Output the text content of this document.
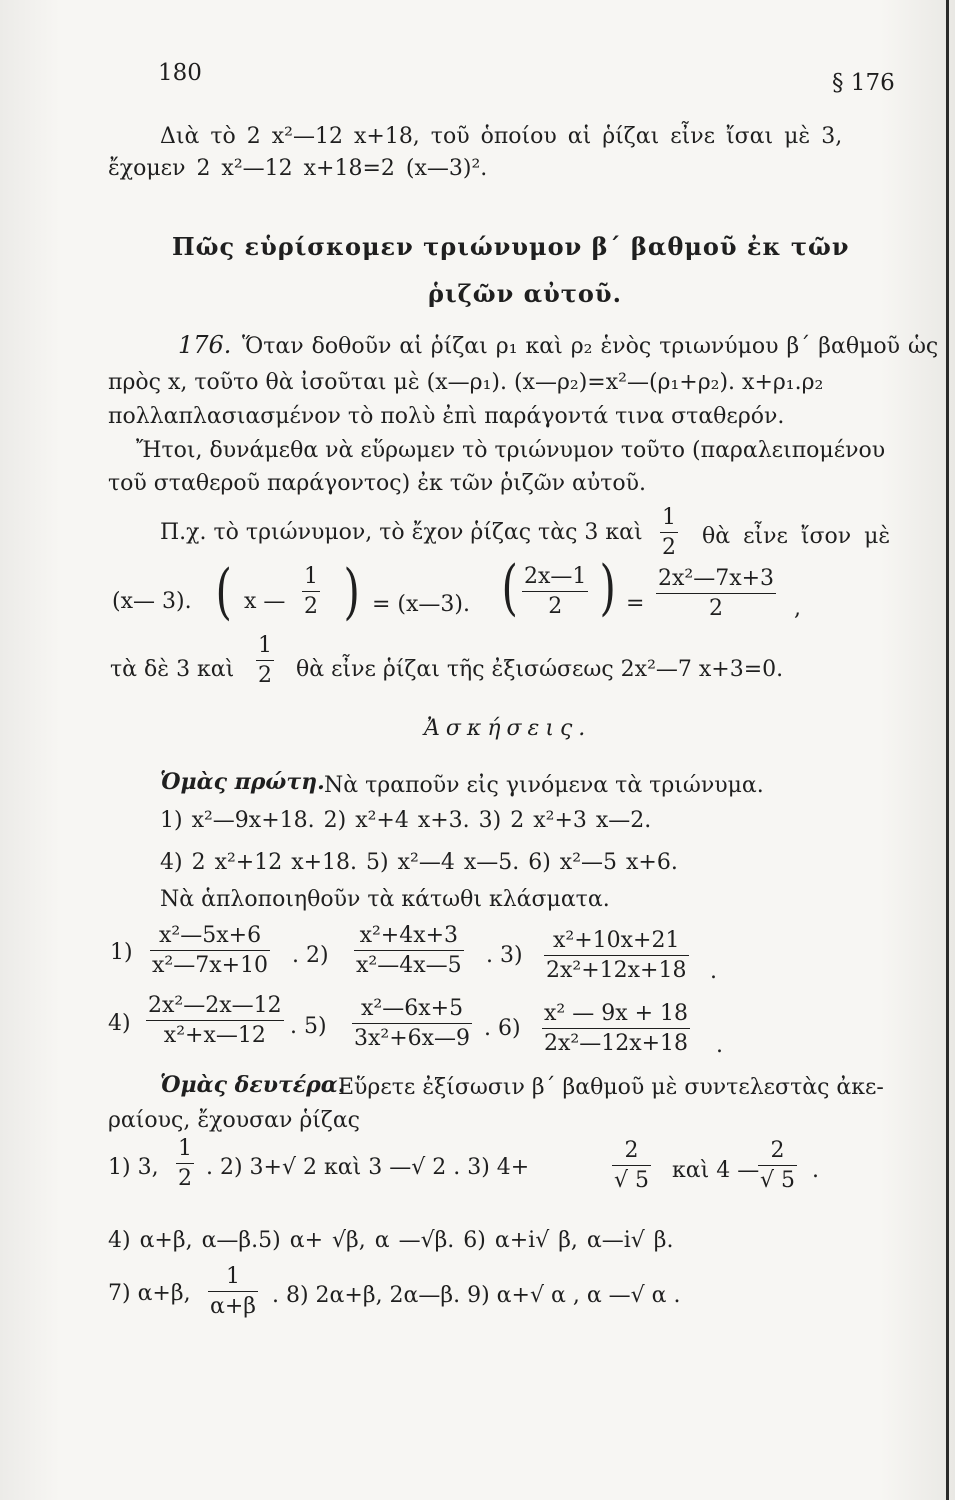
180	§ 176
Διὰ τὸ 2 x²—12 x+18, τοῦ ὁποίου αἱ ῥίζαι εἶνε ἴσαι μὲ 3,
ἔχομεν 2 x²—12 x+18=2 (x—3)².
Πῶς εὑρίσκομεν τριώνυμον β΄ βαθμοῦ ἐκ τῶν
ῥιζῶν αὐτοῦ.
176. Ὅταν δοθοῦν αἱ ῥίζαι ρ₁ καὶ ρ₂ ἑνὸς τριωνύμου β΄ βαθμοῦ ὡς
πρὸς x, τοῦτο θὰ ἰσοῦται μὲ (x—ρ₁). (x—ρ₂)=x²—(ρ₁+ρ₂). x+ρ₁.ρ₂
πολλαπλασιασμένον τὸ πολὺ ἐπὶ παράγοντά τινα σταθερόν.
Ἤτοι, δυνάμεθα νὰ εὕρωμεν τὸ τριώνυμον τοῦτο (παραλειπομένου
τοῦ σταθεροῦ παράγοντος) ἐκ τῶν ῥιζῶν αὐτοῦ.
Π.χ. τὸ τριώνυμον, τὸ ἔχον ῥίζας τὰς 3 καὶ
1
2 θὰ εἶνε ἴσον μὲ
(x— 3). ( x —
1
2 ) = (x—3). ( 2x—1
2 ) =
2x²—7x+3
2	,
τὰ δὲ 3 καὶ
1
2 θὰ εἶνε ῥίζαι τῆς ἐξισώσεως 2x²—7 x+3=0.
Ἀσκήσεις.
Ὁμὰς πρώτη. Νὰ τραποῦν εἰς γινόμενα τὰ τριώνυμα.
1) x²—9x+18. 2) x²+4 x+3. 3) 2 x²+3 x—2.
4) 2 x²+12 x+18. 5) x²—4 x—5. 6) x²—5 x+6.
Νὰ ἁπλοποιηθοῦν τὰ κάτωθι κλάσματα.
1)
x²—5x+6
x²—7x+10 . 2)
x²+4x+3
x²—4x—5 . 3)
x²+10x+21
2x²+12x+18 .
4)
2x²—2x—12
x²+x—12	. 5)
x²—6x+5
3x²+6x—9 . 6)
x² — 9x + 18
2x²—12x+18 .
Ὁμὰς δευτέρα.
Εὕρετε ἐξίσωσιν β΄ βαθμοῦ μὲ συντελεστὰς ἀκε-
ραίους, ἔχουσαν ῥίζας
1) 3,
1
2 . 2) 3+√ 2 καὶ 3 —√ 2 . 3) 4+
2
√ 5 καὶ 4 —
2
√ 5 .
4) α+β, α—β.5) α+ √β, α —√β. 6) α+i√ β, α—i√ β.
7) α+β,
1
α+β . 8) 2α+β, 2α—β. 9) α+√ α , α —√ α .
